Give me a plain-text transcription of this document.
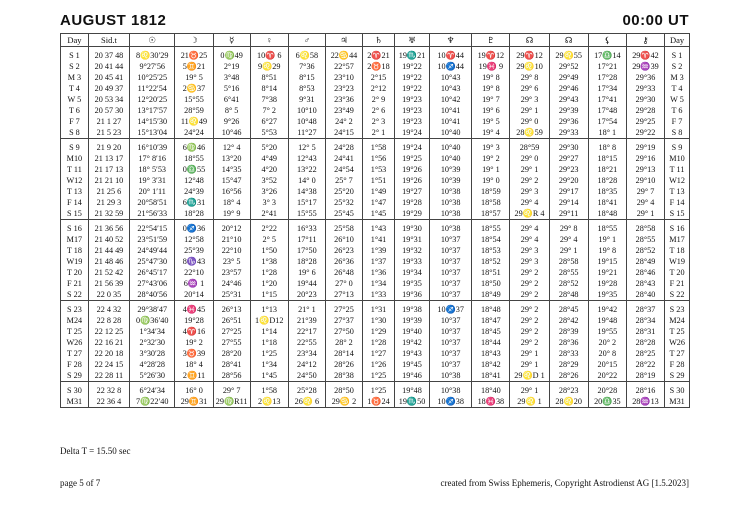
AUGUST 1812	00:00 UT
Day	Sid.t	☉	☽	☿	♀	♂	♃	♄	♅	♆	♇	☊	☊	⚸	⚷	Day
S 1	20 37 48	8♌30′29	21♉25	0♍49	10♈ 6	6♌58	22♋44	2♈21	19♏21	10♈44	19♈12	29♈12	29♌55	17♎14	29♈42	S 1
S 2	20 41 44	9°27′56	5♊21	2°19	9♌29	7°36	22°57	2♉18	19°22	10♐44	19♓ 9	29♌10	29°52	17°21	29♒39	S 2
M 3	20 45 41	10°25′25	19° 5	3°48	8°51	8°15	23°10	2°15	19°22	10°43	19° 8	29° 8	29°49	17°28	29°36	M 3
T 4	20 49 37	11°22′54	2♋37	5°16	8°14	8°53	23°23	2°12	19°22	10°43	19° 8	29° 6	29°46	17°34	29°33	T 4
W 5	20 53 34	12°20′25	15°55	6°41	7°38	9°31	23°36	2° 9	19°23	10°42	19° 7	29° 3	29°43	17°41	29°30	W 5
T 6	20 57 30	13°17′57	28°59	8° 5	7° 2	10°10	23°49	2° 6	19°23	10°41	19° 6	29° 1	29°39	17°48	29°28	T 6
F 7	21 1 27	14°15′30	11♌49	9°26	6°27	10°48	24° 2	2° 3	19°23	10°41	19° 5	29° 0	29°36	17°54	29°25	F 7
S 8	21 5 23	15°13′04	24°24	10°46	5°53	11°27	24°15	2° 1	19°24	10°40	19° 4	28♌59	29°33	18° 1	29°22	S 8
S 9	21 9 20	16°10′39	6♍46	12° 4	5°20	12° 5	24°28	1°58	19°24	10°40	19° 3	28°59	29°30	18° 8	29°19	S 9
M10	21 13 17	17° 8′16	18°55	13°20	4°49	12°43	24°41	1°56	19°25	10°40	19° 2	29° 0	29°27	18°15	29°16	M10
T 11	21 17 13	18° 5′53	0♎55	14°35	4°20	13°22	24°54	1°53	19°26	10°39	19° 1	29° 1	29°23	18°21	29°13	T 11
W12	21 21 10	19° 3′31	12°48	15°47	3°52	14° 0	25° 7	1°51	19°26	10°39	19° 0	29° 2	29°20	18°28	29°10	W12
T 13	21 25 6	20° 1′11	24°39	16°56	3°26	14°38	25°20	1°49	19°27	10°38	18°59	29° 3	29°17	18°35	29° 7	T 13
F 14	21 29 3	20°58′51	6♏31	18° 4	3° 3	15°17	25°32	1°47	19°28	10°38	18°58	29° 4	29°14	18°41	29° 4	F 14
S 15	21 32 59	21°56′33	18°28	19° 9	2°41	15°55	25°45	1°45	19°29	10°38	18°57	29♌R 4	29°11	18°48	29° 1	S 15
S 16	21 36 56	22°54′15	0♐36	20°12	2°22	16°33	25°58	1°43	19°30	10°38	18°55	29° 4	29° 8	18°55	28°58	S 16
M17	21 40 52	23°51′59	12°58	21°10	2° 5	17°11	26°10	1°41	19°31	10°37	18°54	29° 4	29° 4	19° 1	28°55	M17
T 18	21 44 49	24°49′44	25°39	22°10	1°50	17°50	26°23	1°39	19°32	10°37	18°53	29° 3	29° 1	19° 8	28°52	T 18
W19	21 48 46	25°47′30	8♑43	23° 5	1°38	18°28	26°36	1°37	19°33	10°37	18°52	29° 3	28°58	19°15	28°49	W19
T 20	21 52 42	26°45′17	22°10	23°57	1°28	19° 6	26°48	1°36	19°34	10°37	18°51	29° 2	28°55	19°21	28°46	T 20
F 21	21 56 39	27°43′06	6♒ 1	24°46	1°20	19°44	27° 0	1°34	19°35	10°37	18°50	29° 2	28°52	19°28	28°43	F 21
S 22	22 0 35	28°40′56	20°14	25°31	1°15	20°23	27°13	1°33	19°36	10°37	18°49	29° 2	28°48	19°35	28°40	S 22
S 23	22 4 32	29°38′47	4♓45	26°13	1°13	21° 1	27°25	1°31	19°38	10♐37	18°48	29° 2	28°45	19°42	28°37	S 23
M24	22 8 28	0♍36′40	19°28	26°51	1♌D12	21°39	27°37	1°30	19°39	10°37	18°47	29° 2	28°42	19°48	28°34	M24
T 25	22 12 25	1°34′34	4♈16	27°25	1°14	22°17	27°50	1°29	19°40	10°37	18°45	29° 2	28°39	19°55	28°31	T 25
W26	22 16 21	2°32′30	19° 2	27°55	1°18	22°55	28° 2	1°28	19°42	10°37	18°44	29° 2	28°36	20° 2	28°28	W26
T 27	22 20 18	3°30′28	3♉39	28°20	1°25	23°34	28°14	1°27	19°43	10°37	18°43	29° 1	28°33	20° 8	28°25	T 27
F 28	22 24 15	4°28′28	18° 4	28°41	1°34	24°12	28°26	1°26	19°45	10°37	18°42	29° 1	28°29	20°15	28°22	F 28
S 29	22 28 11	5°26′30	2♊11	28°56	1°45	24°50	28°38	1°25	19°46	10°38	18°41	29♌D 1	28°26	20°22	28°19	S 29
S 30	22 32 8	6°24′34	16° 0	29° 7	1°58	25°28	28°50	1°25	19°48	10°38	18°40	29° 1	28°23	20°28	28°16	S 30
M31	22 36 4	7♍22′40	29♊31	29♍R11	2♌13	26♌ 6	29♋ 2	1♉24	19♏50	10♐38	18♓38	29♌ 1	28♌20	20♎35	28♒13	M31
Delta T = 15.50 sec
page 5 of 7	created from Swiss Ephemeris, Copyright Astrodienst AG [1.5.2023]
